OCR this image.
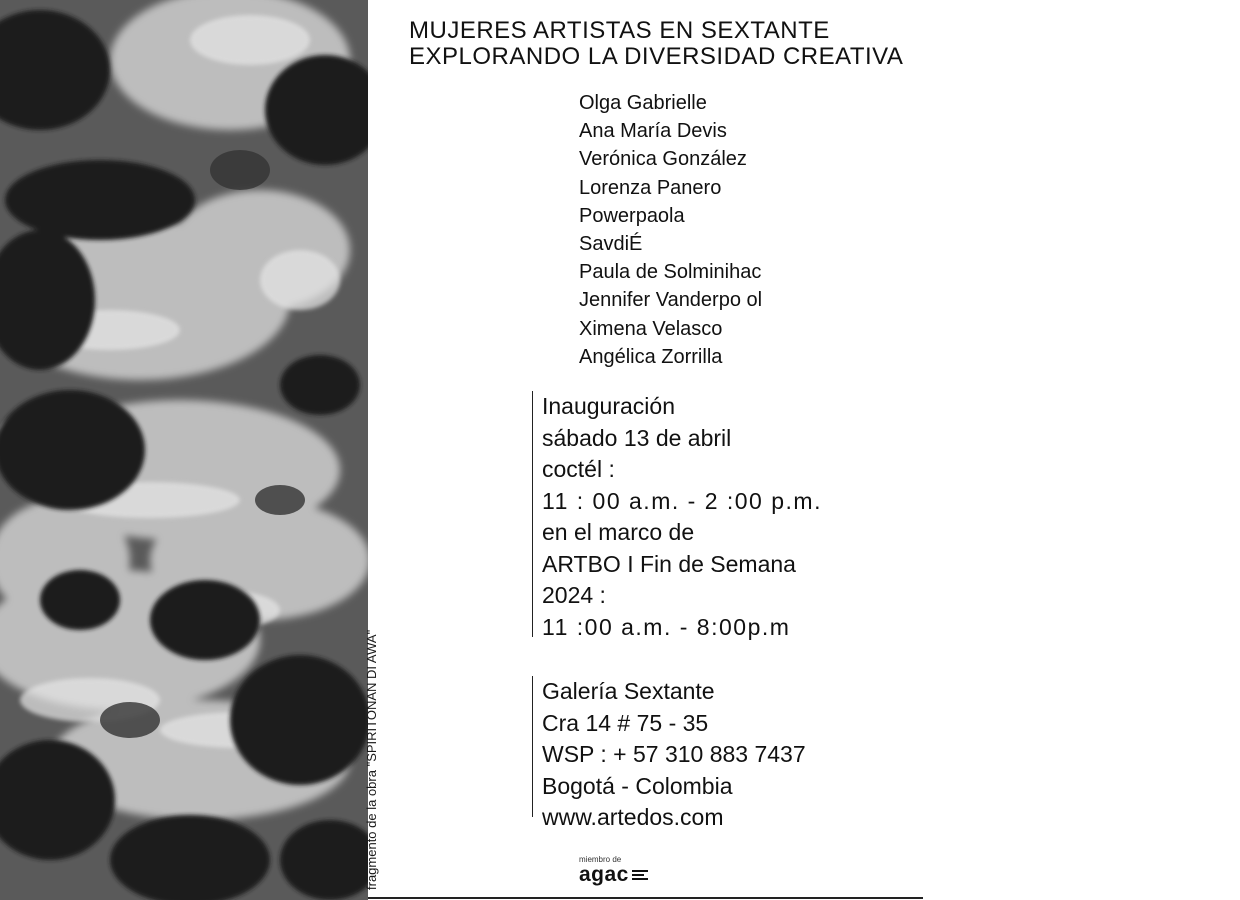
fragmento de la obra "SPIRITONAN DI AWA"
MUJERES ARTISTAS EN SEXTANTE
EXPLORANDO LA DIVERSIDAD CREATIVA
Olga Gabrielle
Ana María Devis
Verónica González
Lorenza Panero
Powerpaola
SavdiÉ
Paula de Solminihac
Jennifer Vanderpo ol
Ximena Velasco
Angélica Zorrilla
Inauguración
sábado 13 de abril
coctél :
11 : 00 a.m. - 2 :00 p.m.
en el marco de
ARTBO I Fin de Semana
2024 :
11 :00 a.m. - 8:00p.m
Galería Sextante
Cra 14 # 75 - 35
WSP : + 57 310 883 7437
Bogotá - Colombia
www.artedos.com
miembro de
agac
